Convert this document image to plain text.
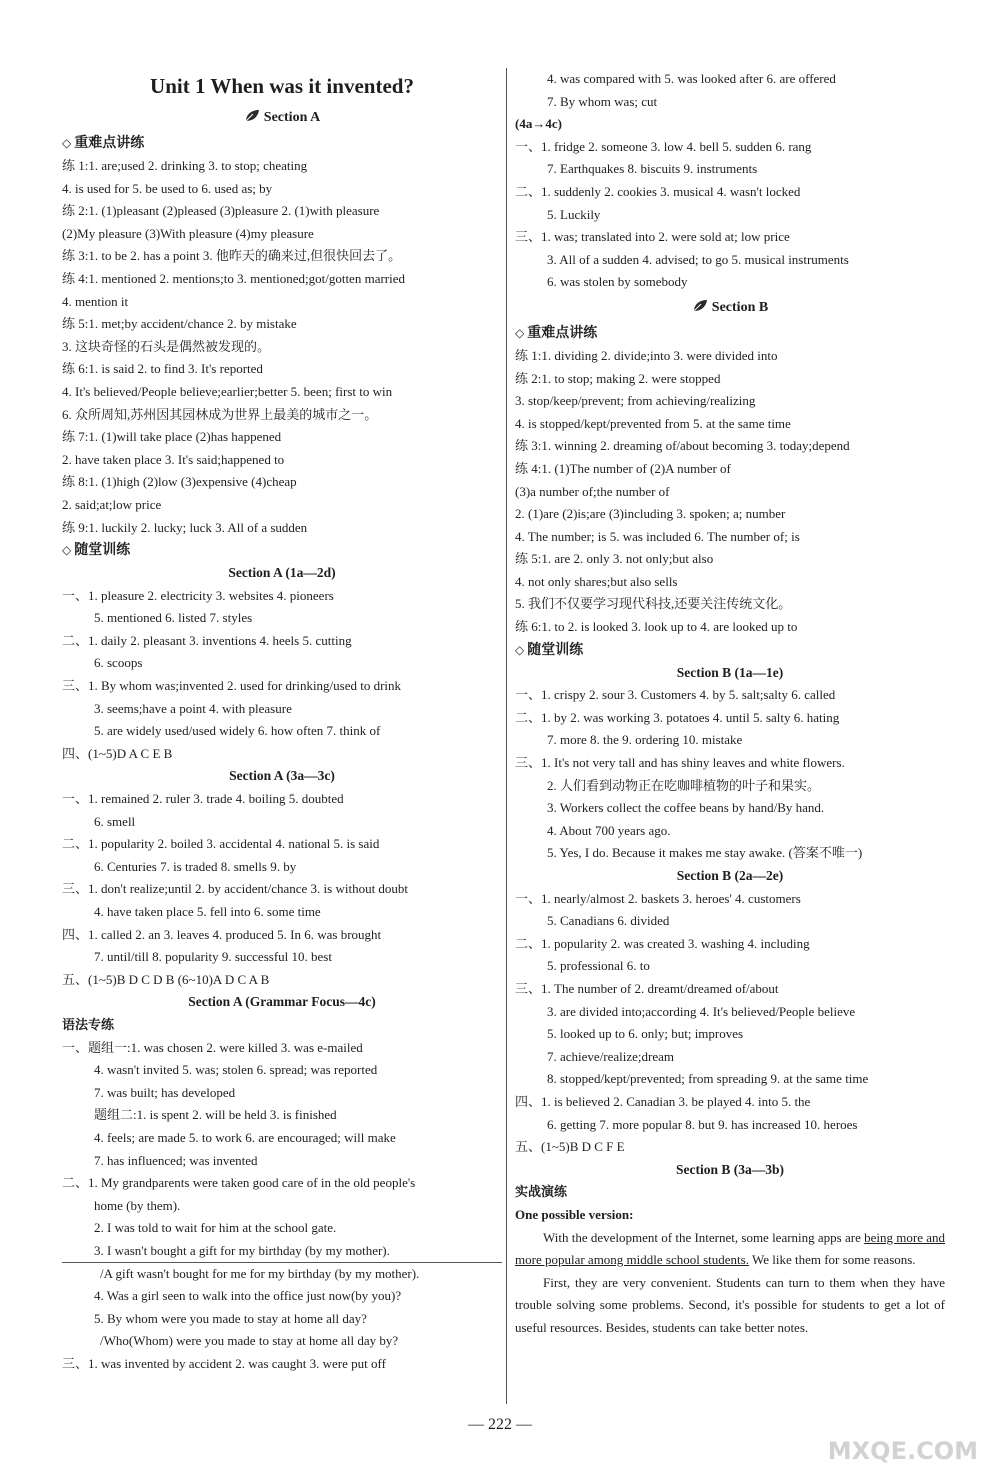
Unit 1 When was it invented?
Section A
◇ 重难点讲练
练 1:1. are;used 2. drinking 3. to stop; cheating
4. is used for 5. be used to 6. used as; by
练 2:1. (1)pleasant (2)pleased (3)pleasure 2. (1)with pleasure
(2)My pleasure (3)With pleasure (4)my pleasure
练 3:1. to be 2. has a point 3. 他昨天的确来过,但很快回去了。
练 4:1. mentioned 2. mentions;to 3. mentioned;got/gotten married
4. mention it
练 5:1. met;by accident/chance 2. by mistake
3. 这块奇怪的石头是偶然被发现的。
练 6:1. is said 2. to find 3. It's reported
4. It's believed/People believe;earlier;better 5. been; first to win
6. 众所周知,苏州因其园林成为世界上最美的城市之一。
练 7:1. (1)will take place (2)has happened
2. have taken place 3. It's said;happened to
练 8:1. (1)high (2)low (3)expensive (4)cheap
2. said;at;low price
练 9:1. luckily 2. lucky; luck 3. All of a sudden
◇ 随堂训练
Section A (1a—2d)
一、1. pleasure 2. electricity 3. websites 4. pioneers
5. mentioned 6. listed 7. styles
二、1. daily 2. pleasant 3. inventions 4. heels 5. cutting
6. scoops
三、1. By whom was;invented 2. used for drinking/used to drink
3. seems;have a point 4. with pleasure
5. are widely used/used widely 6. how often 7. think of
四、(1~5)D A C E B
Section A (3a—3c)
一、1. remained 2. ruler 3. trade 4. boiling 5. doubted
6. smell
二、1. popularity 2. boiled 3. accidental 4. national 5. is said
6. Centuries 7. is traded 8. smells 9. by
三、1. don't realize;until 2. by accident/chance 3. is without doubt
4. have taken place 5. fell into 6. some time
四、1. called 2. an 3. leaves 4. produced 5. In 6. was brought
7. until/till 8. popularity 9. successful 10. best
五、(1~5)B D C D B (6~10)A D C A B
Section A (Grammar Focus—4c)
语法专练
一、题组一:1. was chosen 2. were killed 3. was e-mailed
4. wasn't invited 5. was; stolen 6. spread; was reported
7. was built; has developed
题组二:1. is spent 2. will be held 3. is finished
4. feels; are made 5. to work 6. are encouraged; will make
7. has influenced; was invented
二、1. My grandparents were taken good care of in the old people's
home (by them).
2. I was told to wait for him at the school gate.
3. I wasn't bought a gift for my birthday (by my mother).
/A gift wasn't bought for me for my birthday (by my mother).
4. Was a girl seen to walk into the office just now(by you)?
5. By whom were you made to stay at home all day?
/Who(Whom) were you made to stay at home all day by?
三、1. was invented by accident 2. was caught 3. were put off
4. was compared with 5. was looked after 6. are offered
7. By whom was; cut
(4a→4c)
一、1. fridge 2. someone 3. low 4. bell 5. sudden 6. rang
7. Earthquakes 8. biscuits 9. instruments
二、1. suddenly 2. cookies 3. musical 4. wasn't locked
5. Luckily
三、1. was; translated into 2. were sold at; low price
3. All of a sudden 4. advised; to go 5. musical instruments
6. was stolen by somebody
Section B
◇ 重难点讲练
练 1:1. dividing 2. divide;into 3. were divided into
练 2:1. to stop; making 2. were stopped
3. stop/keep/prevent; from achieving/realizing
4. is stopped/kept/prevented from 5. at the same time
练 3:1. winning 2. dreaming of/about becoming 3. today;depend
练 4:1. (1)The number of (2)A number of
(3)a number of;the number of
2. (1)are (2)is;are (3)including 3. spoken; a; number
4. The number; is 5. was included 6. The number of; is
练 5:1. are 2. only 3. not only;but also
4. not only shares;but also sells
5. 我们不仅要学习现代科技,还要关注传统文化。
练 6:1. to 2. is looked 3. look up to 4. are looked up to
◇ 随堂训练
Section B (1a—1e)
一、1. crispy 2. sour 3. Customers 4. by 5. salt;salty 6. called
二、1. by 2. was working 3. potatoes 4. until 5. salty 6. hating
7. more 8. the 9. ordering 10. mistake
三、1. It's not very tall and has shiny leaves and white flowers.
2. 人们看到动物正在吃咖啡植物的叶子和果实。
3. Workers collect the coffee beans by hand/By hand.
4. About 700 years ago.
5. Yes, I do. Because it makes me stay awake. (答案不唯一)
Section B (2a—2e)
一、1. nearly/almost 2. baskets 3. heroes' 4. customers
5. Canadians 6. divided
二、1. popularity 2. was created 3. washing 4. including
5. professional 6. to
三、1. The number of 2. dreamt/dreamed of/about
3. are divided into;according 4. It's believed/People believe
5. looked up to 6. only; but; improves
7. achieve/realize;dream
8. stopped/kept/prevented; from spreading 9. at the same time
四、1. is believed 2. Canadian 3. be played 4. into 5. the
6. getting 7. more popular 8. but 9. has increased 10. heroes
五、(1~5)B D C F E
Section B (3a—3b)
实战演练
One possible version:
With the development of the Internet, some learning apps are being more and more popular among middle school students. We like them for some reasons.
First, they are very convenient. Students can turn to them when they have trouble solving some problems. Second, it's possible for students to get a lot of useful resources. Besides, students can take better notes.
— 222 —
MXQE.COM
